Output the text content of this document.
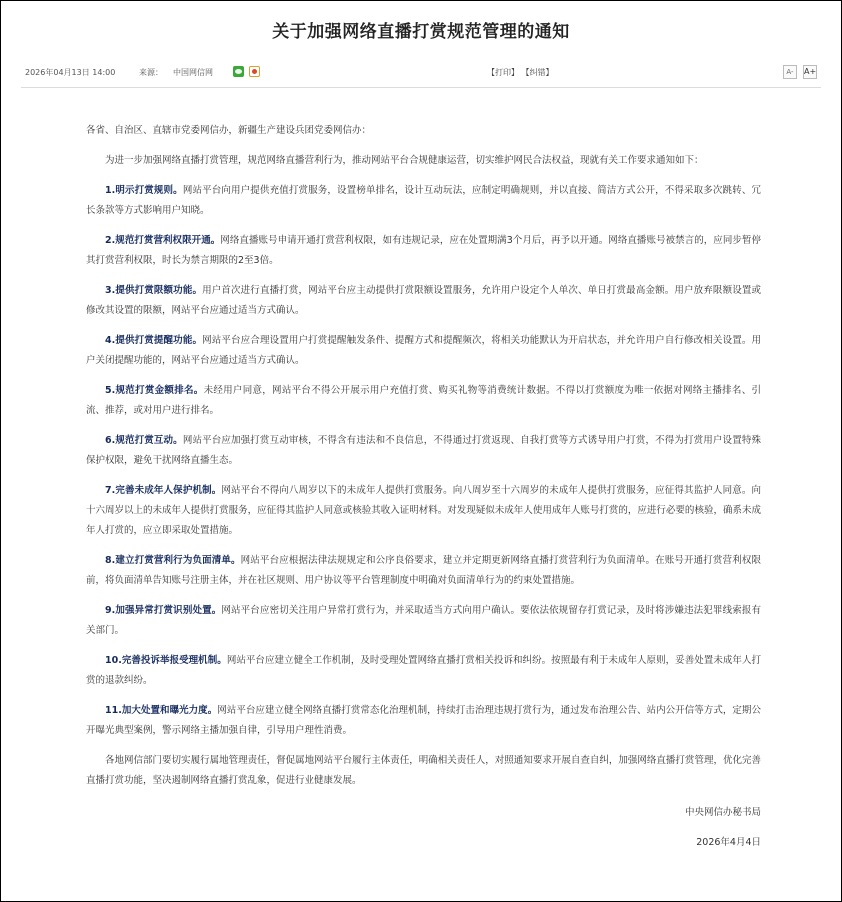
关于加强网络直播打赏规范管理的通知
2026年04月13日 14:00	来源： 中国网信网	【打印】 【纠错】	A-	A+

各省、自治区、直辖市党委网信办，新疆生产建设兵团党委网信办：

为进一步加强网络直播打赏管理，规范网络直播营利行为，推动网站平台合规健康运营，切实维护网民合法权益，现就有关工作要求通知如下：

1.明示打赏规则。网站平台向用户提供充值打赏服务，设置榜单排名，设计互动玩法，应制定明确规则，并以直接、简洁方式公开，不得采取多次跳转、冗长条款等方式影响用户知晓。

2.规范打赏营利权限开通。网络直播账号申请开通打赏营利权限，如有违规记录，应在处置期满3个月后，再予以开通。网络直播账号被禁言的，应同步暂停其打赏营利权限，时长为禁言期限的2至3倍。

3.提供打赏限额功能。用户首次进行直播打赏，网站平台应主动提供打赏限额设置服务，允许用户设定个人单次、单日打赏最高金额。用户放弃限额设置或修改其设置的限额，网站平台应通过适当方式确认。

4.提供打赏提醒功能。网站平台应合理设置用户打赏提醒触发条件、提醒方式和提醒频次，将相关功能默认为开启状态，并允许用户自行修改相关设置。用户关闭提醒功能的，网站平台应通过适当方式确认。

5.规范打赏金额排名。未经用户同意，网站平台不得公开展示用户充值打赏、购买礼物等消费统计数据。不得以打赏额度为唯一依据对网络主播排名、引流、推荐，或对用户进行排名。

6.规范打赏互动。网站平台应加强打赏互动审核，不得含有违法和不良信息，不得通过打赏返现、自我打赏等方式诱导用户打赏，不得为打赏用户设置特殊保护权限，避免干扰网络直播生态。

7.完善未成年人保护机制。网站平台不得向八周岁以下的未成年人提供打赏服务。向八周岁至十六周岁的未成年人提供打赏服务，应征得其监护人同意。向十六周岁以上的未成年人提供打赏服务，应征得其监护人同意或核验其收入证明材料。对发现疑似未成年人使用成年人账号打赏的，应进行必要的核验，确系未成年人打赏的，应立即采取处置措施。

8.建立打赏营利行为负面清单。网站平台应根据法律法规规定和公序良俗要求，建立并定期更新网络直播打赏营利行为负面清单。在账号开通打赏营利权限前，将负面清单告知账号注册主体，并在社区规则、用户协议等平台管理制度中明确对负面清单行为的约束处置措施。

9.加强异常打赏识别处置。网站平台应密切关注用户异常打赏行为，并采取适当方式向用户确认。要依法依规留存打赏记录，及时将涉嫌违法犯罪线索报有关部门。

10.完善投诉举报受理机制。网站平台应建立健全工作机制，及时受理处置网络直播打赏相关投诉和纠纷。按照最有利于未成年人原则，妥善处置未成年人打赏的退款纠纷。

11.加大处置和曝光力度。网站平台应建立健全网络直播打赏常态化治理机制，持续打击治理违规打赏行为，通过发布治理公告、站内公开信等方式，定期公开曝光典型案例，警示网络主播加强自律，引导用户理性消费。

各地网信部门要切实履行属地管理责任，督促属地网站平台履行主体责任，明确相关责任人，对照通知要求开展自查自纠，加强网络直播打赏管理，优化完善直播打赏功能，坚决遏制网络直播打赏乱象，促进行业健康发展。

中央网信办秘书局

2026年4月4日
